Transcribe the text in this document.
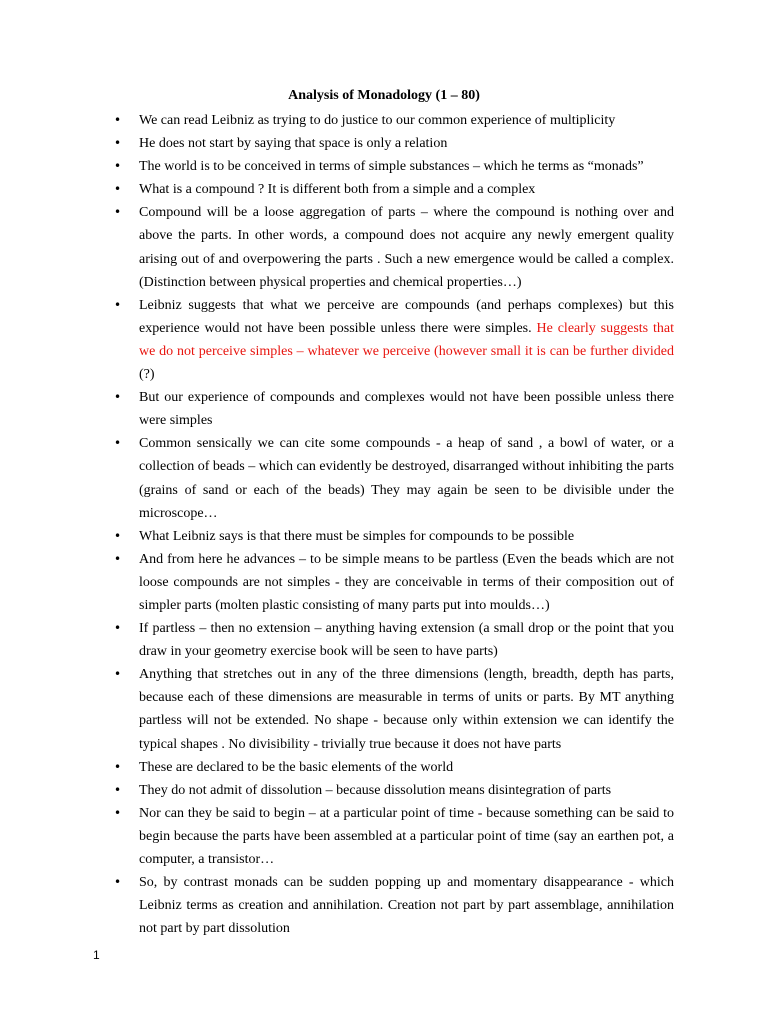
Analysis of Monadology (1 – 80)
• We can read Leibniz as trying to do justice to our common experience of multiplicity
• He does not start by saying that space is only a relation
• The world is to be conceived in terms of simple substances – which he terms as “monads”
• What is a compound ? It is different both from a simple and a complex
• Compound will be a loose aggregation of parts – where the compound is nothing over and above the parts. In other words, a compound does not acquire any newly emergent quality arising out of and overpowering the parts . Such a new emergence would be called a complex. (Distinction between physical properties and chemical properties…)
• Leibniz suggests that what we perceive are compounds (and perhaps complexes) but this experience would not have been possible unless there were simples. He clearly suggests that we do not perceive simples – whatever we perceive (however small it is can be further divided (?)
• But our experience of compounds and complexes would not have been possible unless there were simples
• Common sensically we can cite some compounds - a heap of sand , a bowl of water, or a collection of beads – which can evidently be destroyed, disarranged without inhibiting the parts (grains of sand or each of the beads) They may again be seen to be divisible under the microscope…
• What Leibniz says is that there must be simples for compounds to be possible
• And from here he advances – to be simple means to be partless (Even the beads which are not loose compounds are not simples - they are conceivable in terms of their composition out of simpler parts (molten plastic consisting of many parts put into moulds…)
• If partless – then no extension – anything having extension (a small drop or the point that you draw in your geometry exercise book will be seen to have parts)
• Anything that stretches out in any of the three dimensions (length, breadth, depth has parts, because each of these dimensions are measurable in terms of units or parts. By MT anything partless will not be extended. No shape - because only within extension we can identify the typical shapes . No divisibility - trivially true because it does not have parts
• These are declared to be the basic elements of the world
• They do not admit of dissolution – because dissolution means disintegration of parts
• Nor can they be said to begin – at a particular point of time - because something can be said to begin because the parts have been assembled at a particular point of time (say an earthen pot, a computer, a transistor…
• So, by contrast monads can be sudden popping up and momentary disappearance - which Leibniz terms as creation and annihilation. Creation not part by part assemblage, annihilation not part by part dissolution
1
